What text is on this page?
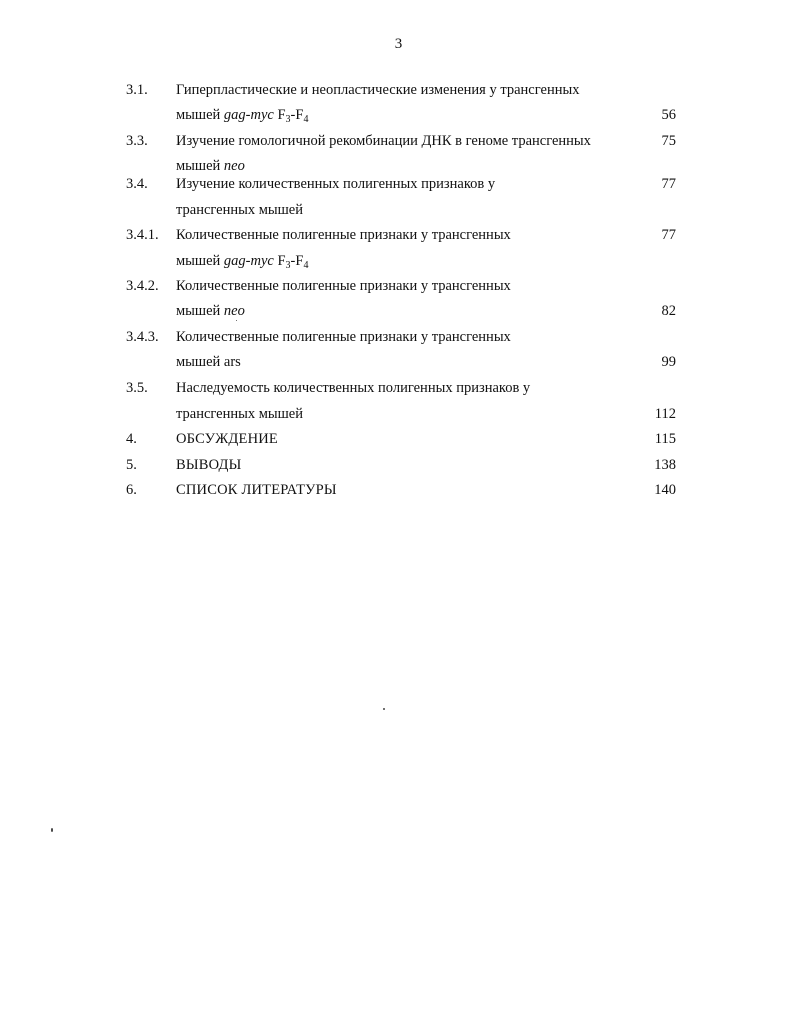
3
3.1. Гиперпластические и неопластические изменения у трансгенных
мышей gag-myc $F_3-F_4$	56
3.3. Изучение гомологичной рекомбинации ДНК в геноме трансгенных	75
мышей neo
3.4. Изучение количественных полигенных признаков у	77
трансгенных мышей
3.4.1. Количественные полигенные признаки у трансгенных	77
мышей gag-myc $F_3-F_4$
3.4.2. Количественные полигенные признаки у трансгенных
мышей neo	82
3.4.3. Количественные полигенные признаки у трансгенных
мышей ars	99
3.5. Наследуемость количественных полигенных признаков у
трансгенных мышей	112
4.	ОБСУЖДЕНИЕ	115
5.	ВЫВОДЫ	138
6.	СПИСОК ЛИТЕРАТУРЫ	140
